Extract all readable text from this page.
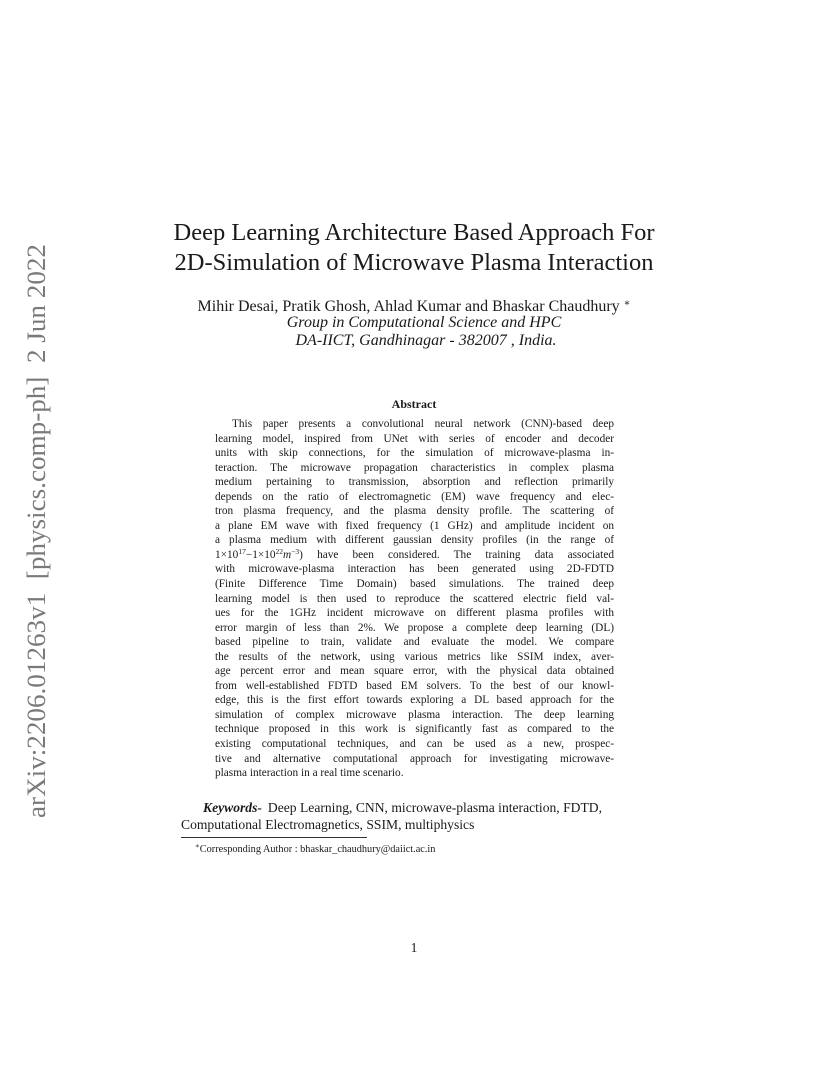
arXiv:2206.01263v1  [physics.comp-ph]  2 Jun 2022
Deep Learning Architecture Based Approach For
2D-Simulation of Microwave Plasma Interaction
Mihir Desai, Pratik Ghosh, Ahlad Kumar and Bhaskar Chaudhury ∗
Group in Computational Science and HPC
DA-IICT, Gandhinagar - 382007 , India.
Abstract
This paper presents a convolutional neural network (CNN)-based deep
learning model, inspired from UNet with series of encoder and decoder
units with skip connections, for the simulation of microwave-plasma in-
teraction. The microwave propagation characteristics in complex plasma
medium pertaining to transmission, absorption and reflection primarily
depends on the ratio of electromagnetic (EM) wave frequency and elec-
tron plasma frequency, and the plasma density profile. The scattering of
a plane EM wave with fixed frequency (1 GHz) and amplitude incident on
a plasma medium with different gaussian density profiles (in the range of
$1\times 10^{17}-1\times 10^{22}m^{-3}$) have been considered. The training data associated
with microwave-plasma interaction has been generated using 2D-FDTD
(Finite Difference Time Domain) based simulations. The trained deep
learning model is then used to reproduce the scattered electric field val-
ues for the 1GHz incident microwave on different plasma profiles with
error margin of less than 2%. We propose a complete deep learning (DL)
based pipeline to train, validate and evaluate the model. We compare
the results of the network, using various metrics like SSIM index, aver-
age percent error and mean square error, with the physical data obtained
from well-established FDTD based EM solvers. To the best of our knowl-
edge, this is the first effort towards exploring a DL based approach for the
simulation of complex microwave plasma interaction. The deep learning
technique proposed in this work is significantly fast as compared to the
existing computational techniques, and can be used as a new, prospec-
tive and alternative computational approach for investigating microwave-
plasma interaction in a real time scenario.
Keywords- Deep Learning, CNN, microwave-plasma interaction, FDTD,
Computational Electromagnetics, SSIM, multiphysics
∗Corresponding Author : bhaskar_chaudhury@daiict.ac.in
1
